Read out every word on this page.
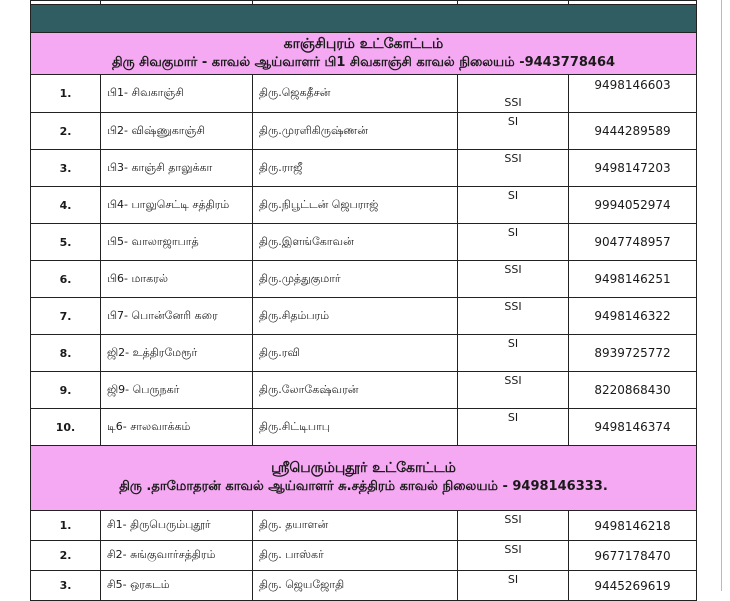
காஞ்சிபுரம் உட்கோட்டம்
திரு சிவகுமார் - காவல் ஆய்வாளர் பி1 சிவகாஞ்சி காவல் நிலையம் -9443778464				

1.	பி1- சிவகாஞ்சி	திரு.ஜெகதீசன்	SSI	9498146603
2.	பி2- விஷ்ணுகாஞ்சி	திரு.முரளிகிருஷ்ணன்	SI	9444289589
3.	பி3- காஞ்சி தாலுக்கா	திரு.ராஜீ	SSI	9498147203
4.	பி4- பாலுசெட்டி சத்திரம்	திரு.நிபூட்டன் ஜெபராஜ்	SI	9994052974
5.	பி5- வாலாஜாபாத்	திரு.இளங்கோவன்	SI	9047748957
6.	பி6- மாகரல்	திரு.முத்துகுமார்	SSI	9498146251
7.	பி7- பொன்னேரி கரை	திரு.சிதம்பரம்	SSI	9498146322
8.	ஜி2- உத்திரமேரூர்	திரு.ரவி	SI	8939725772
9.	ஜி9- பெருநகர்	திரு.லோகேஷ்வரன்	SSI	8220868430
10.	டி6- சாலவாக்கம்	திரு.சிட்டிபாபு	SI	9498146374

ஸ்ரீபெரும்புதூர் உட்கோட்டம்
திரு .தாமோதரன் காவல் ஆய்வாளர் சு.சத்திரம் காவல் நிலையம் - 9498146333.				

1.	சி1- திருபெரும்புதூர்	திரு. தயாளன்	SSI	9498146218
2.	சி2- சுங்குவார்சத்திரம்	திரு. பாஸ்கர்	SSI	9677178470
3.	சி5- ஒரகடம்	திரு. ஜெயஜோதி	SI	9445269619
